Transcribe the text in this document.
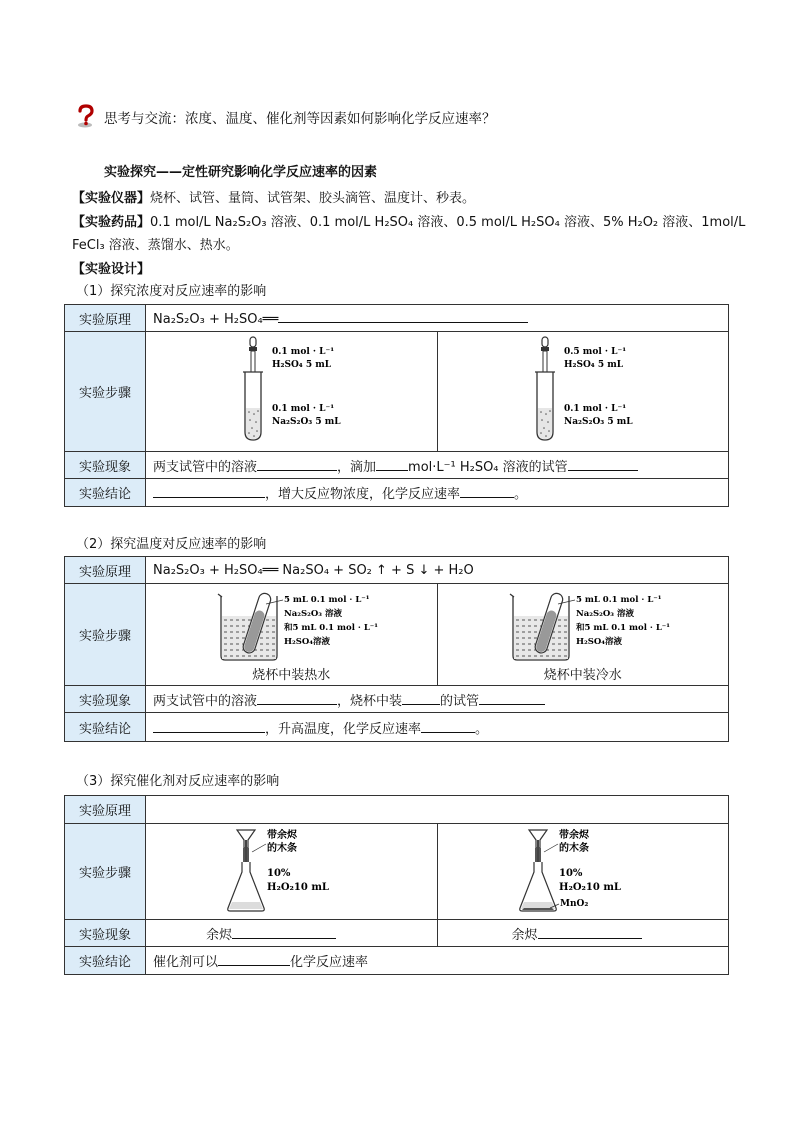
思考与交流：浓度、温度、催化剂等因素如何影响化学反应速率？
实验探究——定性研究影响化学反应速率的因素
【实验仪器】烧杯、试管、量筒、试管架、胶头滴管、温度计、秒表。
【实验药品】0.1 mol/L Na₂S₂O₃ 溶液、0.1 mol/L H₂SO₄ 溶液、0.5 mol/L H₂SO₄ 溶液、5% H₂O₂ 溶液、1mol/L
FeCl₃ 溶液、蒸馏水、热水。
【实验设计】
（1）探究浓度对反应速率的影响
实验原理	Na₂S₂O₃ + H₂SO₄══	
实验步骤	0.1 mol · L⁻¹
H₂SO₄ 5 mL
0.1 mol · L⁻¹
Na₂S₂O₃ 5 mL	0.5 mol · L⁻¹
H₂SO₄ 5 mL
0.1 mol · L⁻¹
Na₂S₂O₃ 5 mL

实验现象	两支试管中的溶液 ，滴加 mol·L⁻¹ H₂SO₄ 溶液的试管	
实验结论	，增大反应物浓度，化学反应速率 。	
（2）探究温度对反应速率的影响
实验原理	Na₂S₂O₃ + H₂SO₄══ Na₂SO₄ + SO₂ ↑ + S ↓ + H₂O	
实验步骤	5 mL 0.1 mol · L⁻¹
Na₂S₂O₃ 溶液
和5 mL 0.1 mol · L⁻¹
H₂SO₄溶液
烧杯中装热水	5 mL 0.1 mol · L⁻¹
Na₂S₂O₃ 溶液
和5 mL 0.1 mol · L⁻¹
H₂SO₄溶液
烧杯中装冷水

实验现象	两支试管中的溶液 ，烧杯中装 的试管	
实验结论	，升高温度，化学反应速率 。	
（3）探究催化剂对反应速率的影响
实验原理		
实验步骤	带余烬
的木条
10%
H₂O₂10 mL	带余烬
的木条
10%
H₂O₂10 mL
MnO₂

实验现象	余烬	余烬
实验结论	催化剂可以 化学反应速率	
